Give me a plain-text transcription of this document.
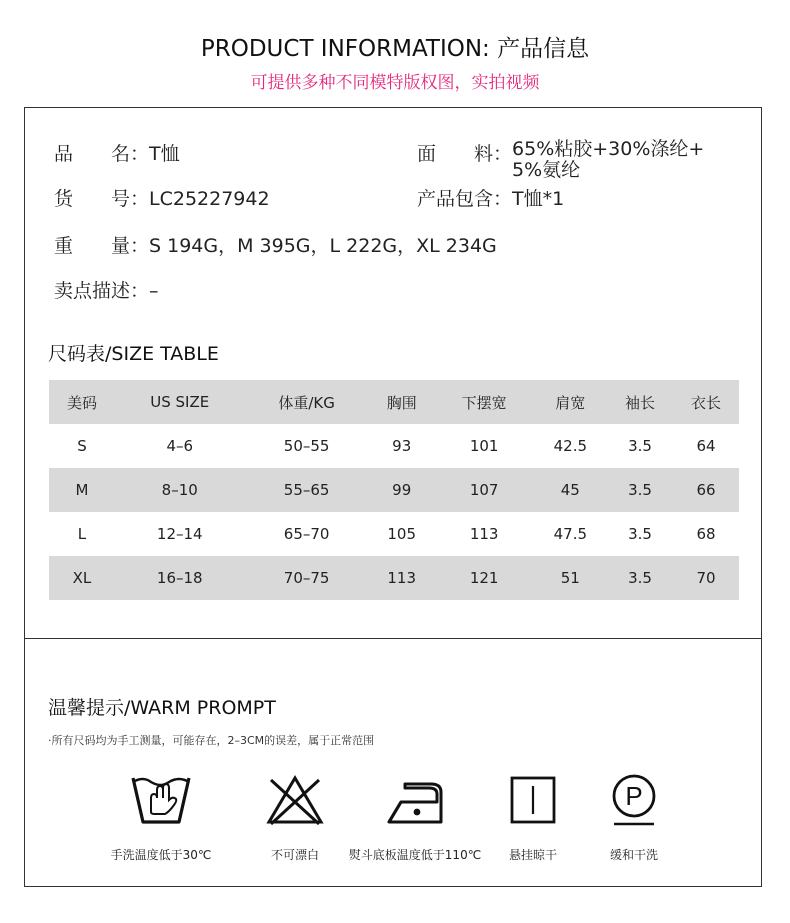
PRODUCT INFORMATION: 产品信息
可提供多种不同模特版权图，实拍视频
品　　名：T恤	面　　料：65%粘胶+30%涤纶+
5%氨纶
货　　号：LC25227942	产品包含：T恤*1
重　　量：S 194G，M 395G，L 222G，XL 234G
卖点描述：–
尺码表/SIZE TABLE
美码	US SIZE	体重/KG	胸围	下摆宽	肩宽	袖长	衣长
S	4–6	50–55	93	101	42.5	3.5	64
M	8–10	55–65	99	107	45	3.5	66
L	12–14	65–70	105	113	47.5	3.5	68
XL	16–18	70–75	113	121	51	3.5	70
温馨提示/WARM PROMPT
·所有尺码均为手工测量，可能存在，2–3CM的误差，属于正常范围
手洗温度低于30℃	不可漂白	熨斗底板温度低于110℃	悬挂晾干
P
缓和干洗
